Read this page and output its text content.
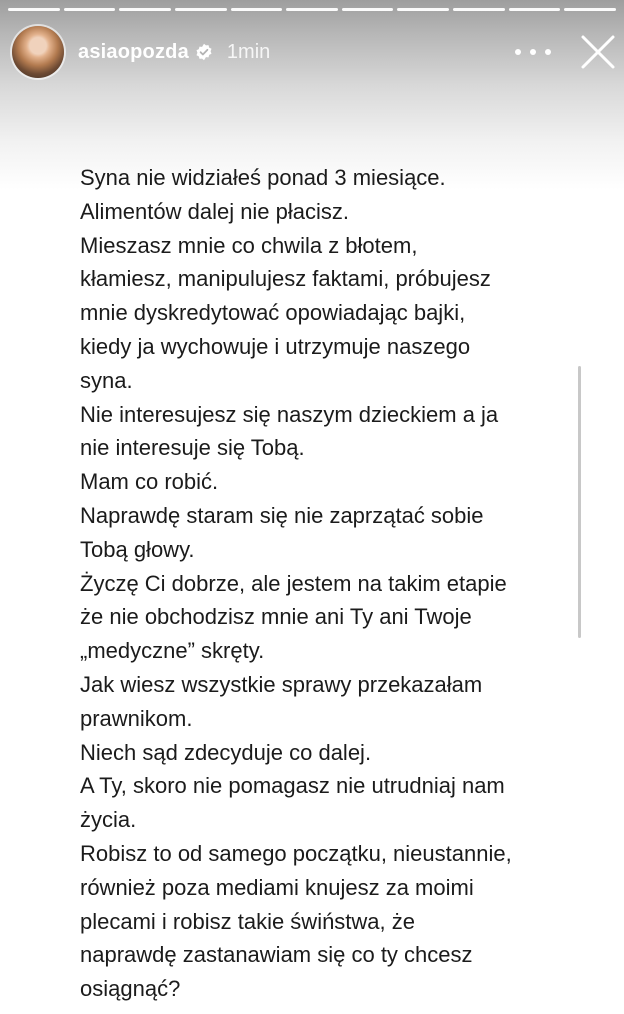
asiaopozda 1min
Syna nie widziałeś ponad 3 miesiące.
Alimentów dalej nie płacisz.
Mieszasz mnie co chwila z błotem,
kłamiesz, manipulujesz faktami, próbujesz
mnie dyskredytować opowiadając bajki,
kiedy ja wychowuje i utrzymuje naszego
syna.
Nie interesujesz się naszym dzieckiem a ja
nie interesuje się Tobą.
Mam co robić.
Naprawdę staram się nie zaprzątać sobie
Tobą głowy.
Życzę Ci dobrze, ale jestem na takim etapie
że nie obchodzisz mnie ani Ty ani Twoje
„medyczne” skręty.
Jak wiesz wszystkie sprawy przekazałam
prawnikom.
Niech sąd zdecyduje co dalej.
A Ty, skoro nie pomagasz nie utrudniaj nam
życia.
Robisz to od samego początku, nieustannie,
również poza mediami knujesz za moimi
plecami i robisz takie świństwa, że
naprawdę zastanawiam się co ty chcesz
osiągnąć?
